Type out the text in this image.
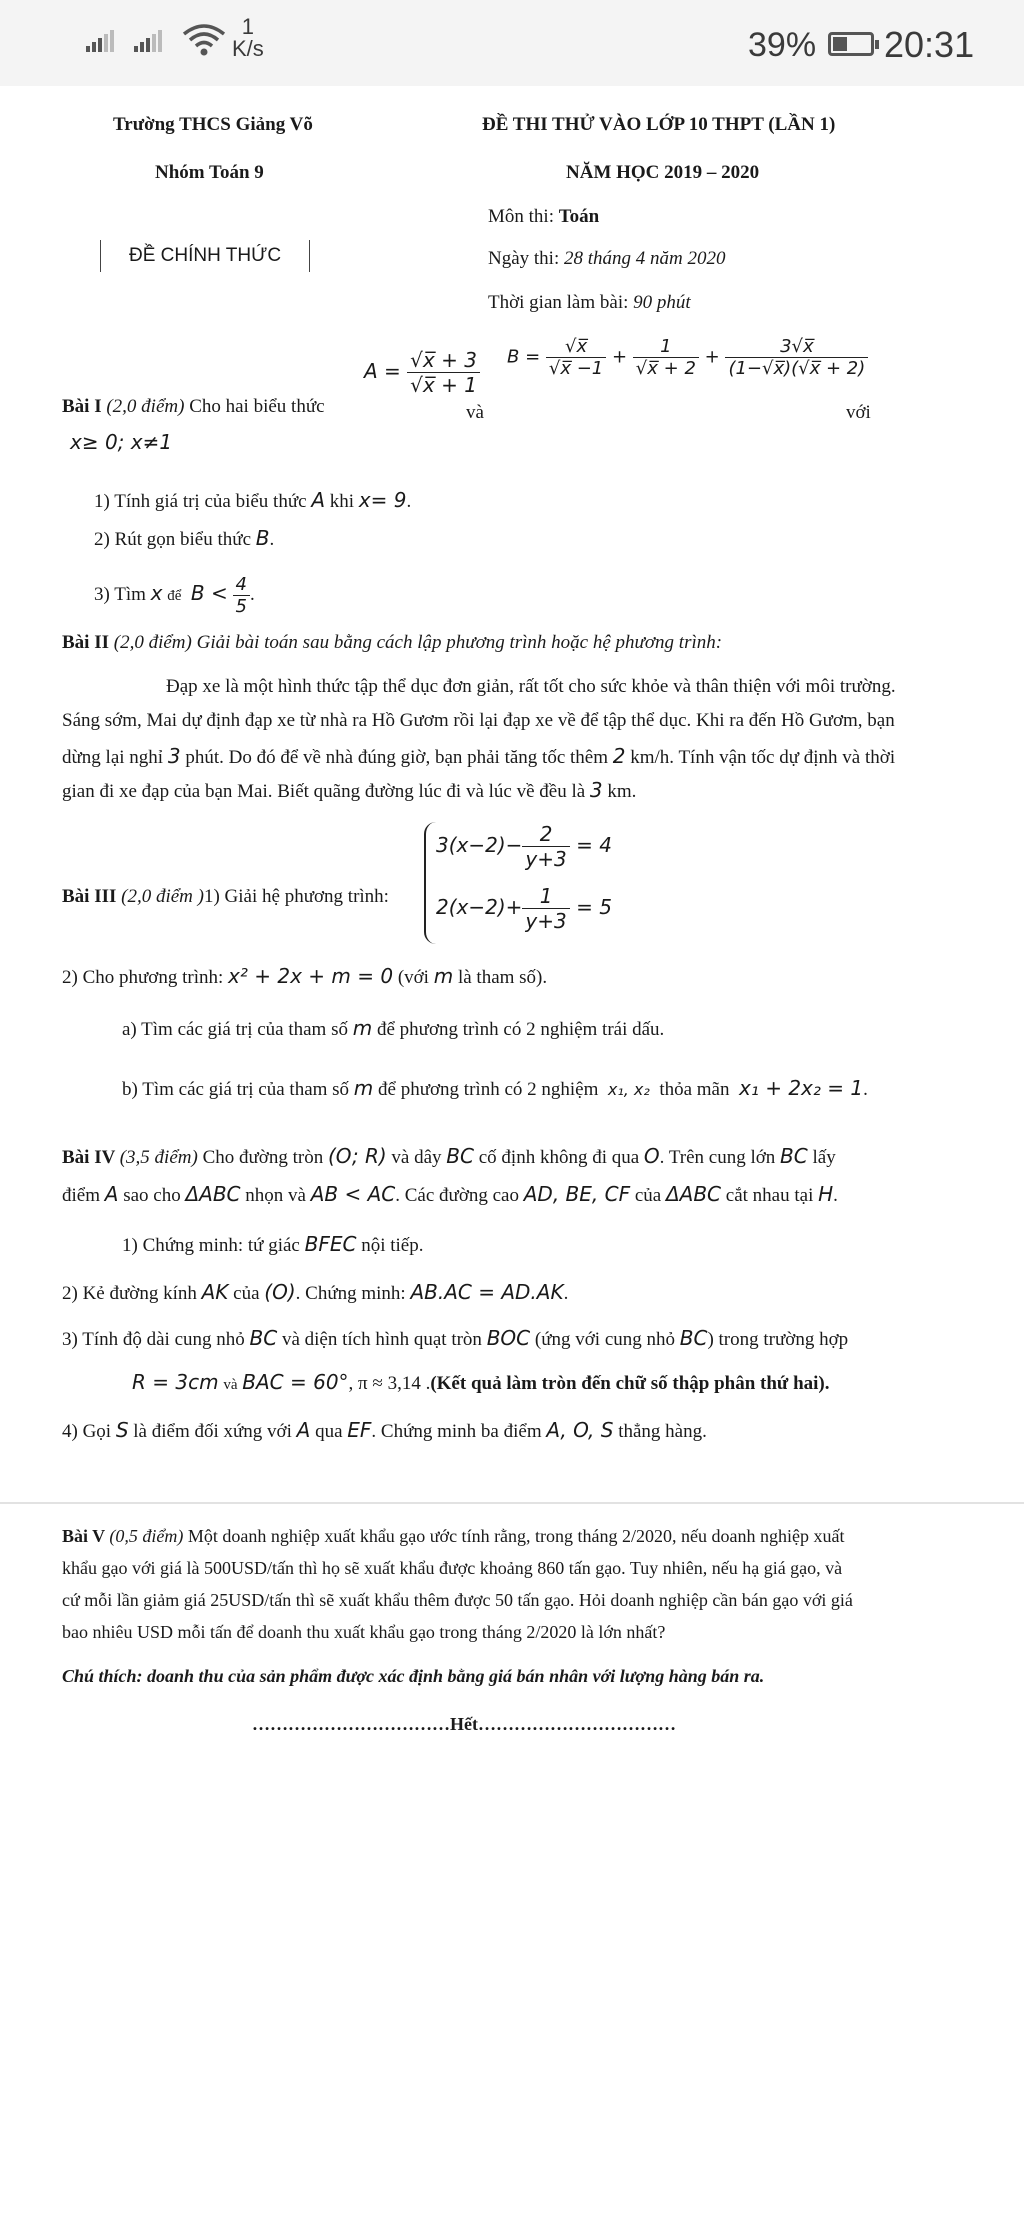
1
K/s	39% 20:31
Trường THCS Giảng Võ
Nhóm Toán 9
ĐỀ CHÍNH THỨC
ĐỀ THI THỬ VÀO LỚP 10 THPT (LẦN 1)
NĂM HỌC 2019 – 2020
Môn thi: Toán
Ngày thi: 28 tháng 4 năm 2020
Thời gian làm bài: 90 phút
Bài I (2,0 điểm) Cho hai biểu thức
$A = \frac{√x̅ + 3}{√x̅ + 1}$
và
$B = \frac{√x̅}{√x̅ -1} + \frac{1}{√x̅ + 2} + \frac{3√x̅}{(1-√x̅)(√x̅ + 2)}$
với
x≥ 0; x≠1
1) Tính giá trị của biểu thức A khi x= 9.
2) Rút gọn biểu thức B.
3) Tìm x để $B < \frac{4}{5}$ .
Bài II (2,0 điểm) Giải bài toán sau bằng cách lập phương trình hoặc hệ phương trình:
Đạp xe là một hình thức tập thể dục đơn giản, rất tốt cho sức khỏe và thân thiện với môi trường.
Sáng sớm, Mai dự định đạp xe từ nhà ra Hồ Gươm rồi lại đạp xe về để tập thể dục. Khi ra đến Hồ Gươm, bạn
dừng lại nghỉ 3 phút. Do đó để về nhà đúng giờ, bạn phải tăng tốc thêm 2 km/h. Tính vận tốc dự định và thời
gian đi xe đạp của bạn Mai. Biết quãng đường lúc đi và lúc về đều là 3 km.
$3(x-2)- \frac{2}{y+3} = 4$
$2(x-2)+ \frac{1}{y+3} = 5$
Bài III (2,0 điểm )1) Giải hệ phương trình:
2) Cho phương trình: x² + 2x + m = 0 (với m là tham số).
a) Tìm các giá trị của tham số m để phương trình có 2 nghiệm trái dấu.
b) Tìm các giá trị của tham số m để phương trình có 2 nghiệm x₁, x₂ thỏa mãn x₁ + 2x₂ = 1.
Bài IV (3,5 điểm) Cho đường tròn (O; R) và dây BC cố định không đi qua O. Trên cung lớn BC lấy
điểm A sao cho ΔABC nhọn và AB < AC. Các đường cao AD, BE, CF của ΔABC cắt nhau tại H.
1) Chứng minh: tứ giác BFEC nội tiếp.
2) Kẻ đường kính AK của (O). Chứng minh: AB.AC = AD.AK.
3) Tính độ dài cung nhỏ BC và diện tích hình quạt tròn BOC (ứng với cung nhỏ BC) trong trường hợp
R = 3cm và BAC = 60°, π ≈ 3,14 .(Kết quả làm tròn đến chữ số thập phân thứ hai).
4) Gọi S là điểm đối xứng với A qua EF. Chứng minh ba điểm A, O, S thẳng hàng.
Bài V (0,5 điểm) Một doanh nghiệp xuất khẩu gạo ước tính rằng, trong tháng 2/2020, nếu doanh nghiệp xuất
khẩu gạo với giá là 500USD/tấn thì họ sẽ xuất khẩu được khoảng 860 tấn gạo. Tuy nhiên, nếu hạ giá gạo, và
cứ mỗi lần giảm giá 25USD/tấn thì sẽ xuất khẩu thêm được 50 tấn gạo. Hỏi doanh nghiệp cần bán gạo với giá
bao nhiêu USD mỗi tấn để doanh thu xuất khẩu gạo trong tháng 2/2020 là lớn nhất?
Chú thích: doanh thu của sản phẩm được xác định bằng giá bán nhân với lượng hàng bán ra.
……………………………Hết……………………………
